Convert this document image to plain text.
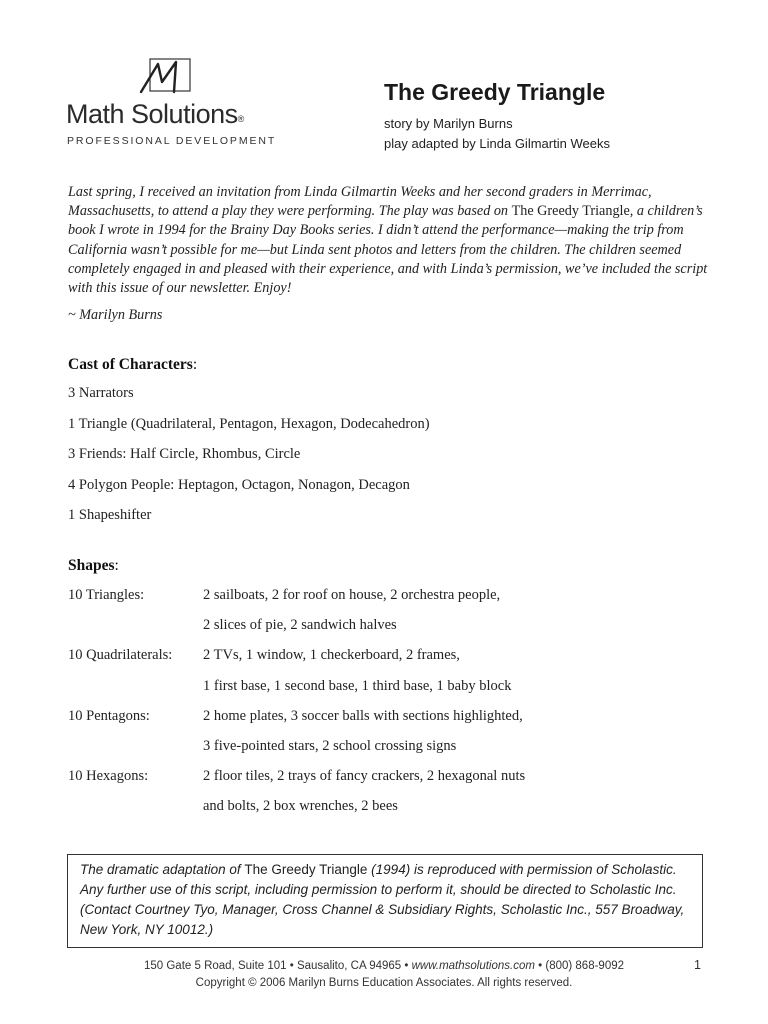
Math Solutions®
PROFESSIONAL DEVELOPMENT
The Greedy Triangle
story by Marilyn Burns
play adapted by Linda Gilmartin Weeks

Last spring, I received an invitation from Linda Gilmartin Weeks and her second graders in Merrimac, Massachusetts, to attend a play they were performing. The play was based on The Greedy Triangle, a children’s book I wrote in 1994 for the Brainy Day Books series. I didn’t attend the performance—making the trip from California wasn’t possible for me—but Linda sent photos and letters from the children. The children seemed completely engaged in and pleased with their experience, and with Linda’s permission, we’ve included the script with this issue of our newsletter. Enjoy!

~ Marilyn Burns
Cast of Characters:
3 Narrators
1 Triangle (Quadrilateral, Pentagon, Hexagon, Dodecahedron)
3 Friends: Half Circle, Rhombus, Circle
4 Polygon People: Heptagon, Octagon, Nonagon, Decagon
1 Shapeshifter
Shapes:
10 Triangles:	2 sailboats, 2 for roof on house, 2 orchestra people,
2 slices of pie, 2 sandwich halves
10 Quadrilaterals:	2 TVs, 1 window, 1 checkerboard, 2 frames,
1 first base, 1 second base, 1 third base, 1 baby block
10 Pentagons:	2 home plates, 3 soccer balls with sections highlighted,
3 five-pointed stars, 2 school crossing signs
10 Hexagons:	2 floor tiles, 2 trays of fancy crackers, 2 hexagonal nuts
and bolts, 2 box wrenches, 2 bees
The dramatic adaptation of The Greedy Triangle (1994) is reproduced with permission of Scholastic. Any further use of this script, including permission to perform it, should be directed to Scholastic Inc. (Contact Courtney Tyo, Manager, Cross Channel & Subsidiary Rights, Scholastic Inc., 557 Broadway, New York, NY 10012.)
150 Gate 5 Road, Suite 101 • Sausalito, CA 94965 • www.mathsolutions.com • (800) 868-9092
Copyright © 2006 Marilyn Burns Education Associates. All rights reserved.
1
